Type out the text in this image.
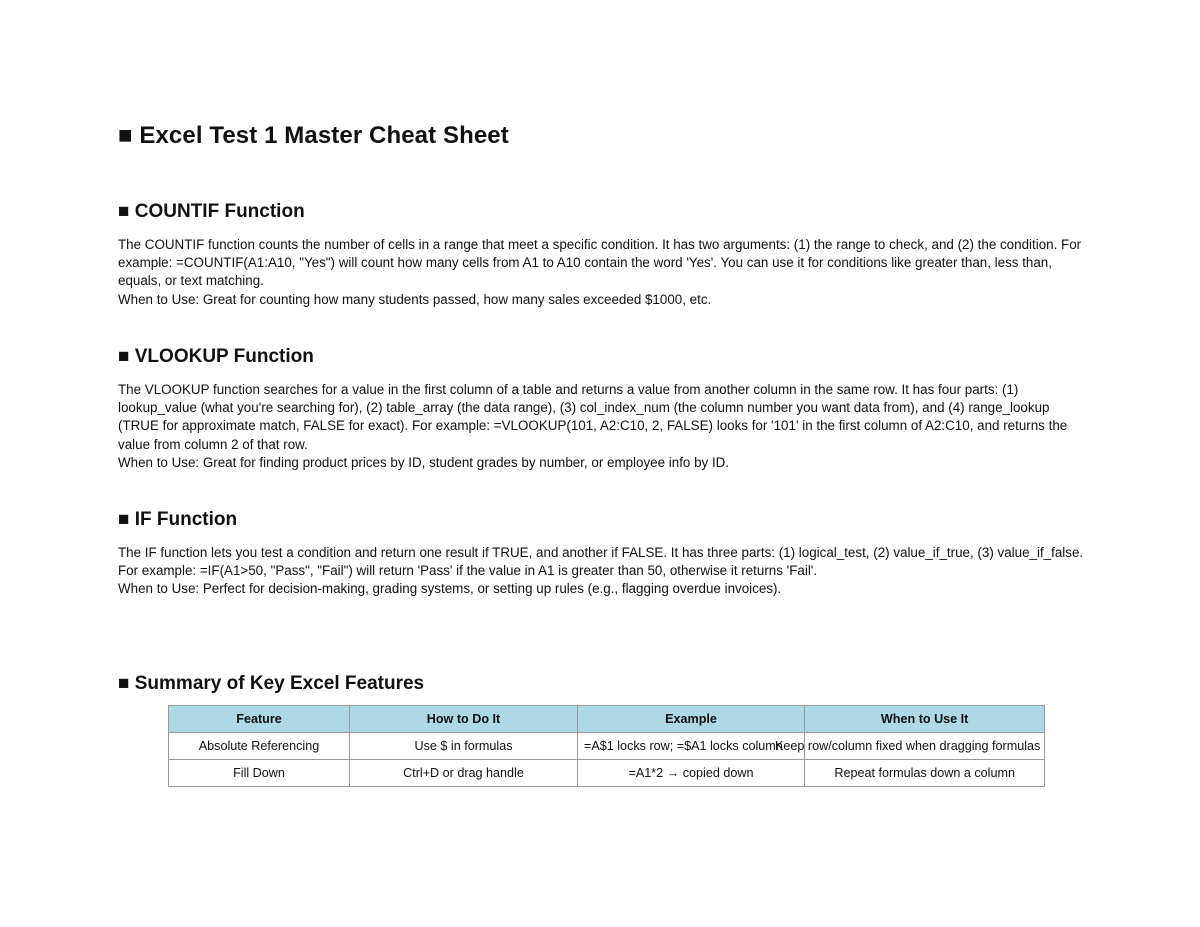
■ Excel Test 1 Master Cheat Sheet
■ COUNTIF Function

The COUNTIF function counts the number of cells in a range that meet a specific condition. It has two arguments: (1) the range to check, and (2) the condition. For example: =COUNTIF(A1:A10, "Yes") will count how many cells from A1 to A10 contain the word 'Yes'. You can use it for conditions like greater than, less than, equals, or text matching.

When to Use: Great for counting how many students passed, how many sales exceeded $1000, etc.

■ VLOOKUP Function

The VLOOKUP function searches for a value in the first column of a table and returns a value from another column in the same row. It has four parts: (1) lookup_value (what you're searching for), (2) table_array (the data range), (3) col_index_num (the column number you want data from), and (4) range_lookup (TRUE for approximate match, FALSE for exact). For example: =VLOOKUP(101, A2:C10, 2, FALSE) looks for '101' in the first column of A2:C10, and returns the value from column 2 of that row.

When to Use: Great for finding product prices by ID, student grades by number, or employee info by ID.

■ IF Function

The IF function lets you test a condition and return one result if TRUE, and another if FALSE. It has three parts: (1) logical_test, (2) value_if_true, (3) value_if_false. For example: =IF(A1>50, "Pass", "Fail") will return 'Pass' if the value in A1 is greater than 50, otherwise it returns 'Fail'.

When to Use: Perfect for decision-making, grading systems, or setting up rules (e.g., flagging overdue invoices).

■ Summary of Key Excel Features
Feature	How to Do It	Example	When to Use It
Absolute Referencing	Use $ in formulas	=A$1 locks row; =$A1 locks column	Keep row/column fixed when dragging formulas
Fill Down	Ctrl+D or drag handle	=A1*2 → copied down	Repeat formulas down a column
